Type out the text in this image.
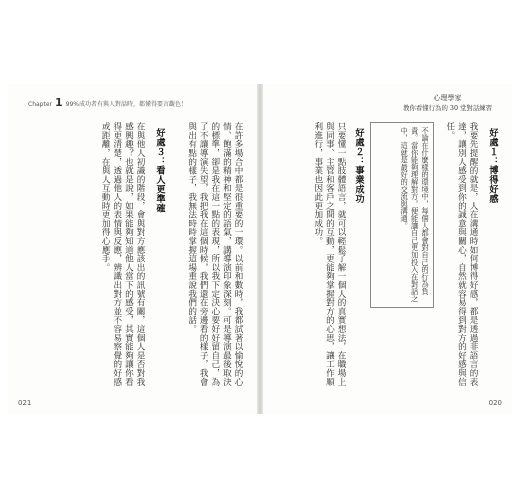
Chapter 1 99%成功者有與人對話時，都懂得要言觀色！
在許多場合中都是很重要的一環。以前和數時，我都試著以愉悅的心情、飽滿的精神和堅定的語氣，講導演印象深刻。可是導演最後取決的標準，卻是我在這一點的表現，所以我下定決心要好好留自己，為了不讓導演失望，我把我在這個時候，我們還在旁邊看的樣子，我會與出有點的樣子，我無法時時掌握這場重說我們的話。
好處３：看人更準確
在與他人初識的階段，會與對方應該出的訊號有關，這個人是否對我感興趣？也就是說，如果能夠知道他人當下的感受，其實能夠讓你看得更清楚，透過他人的表情與反應，辨識出對方並不容易察覺的好感或距離，在與人互動時更加得心應手。
021
心理學家
教你看懂行為的 30 堂對話練習
好處１：博得好感
我要先提醒的就是，人在溝通時如何博得好感，都是透過非語言的表達，讓別人感受到你的誠意與關心，自然就容易得到對方的好感與信任。
不論在什麼樣的環境中，每個人都會對自己的行為負責。當你能夠理解對方，便能讓自己更加投入在對話之中，這就是最好的交流與溝通。
好處２：事業成功
只要懂一點肢體語言，就可以輕鬆了解一個人的真實想法，在職場上與同事、主管和客戶之間的互動，更能夠掌握對方的心思，讓工作順利進行，事業也因此更加成功。
020
